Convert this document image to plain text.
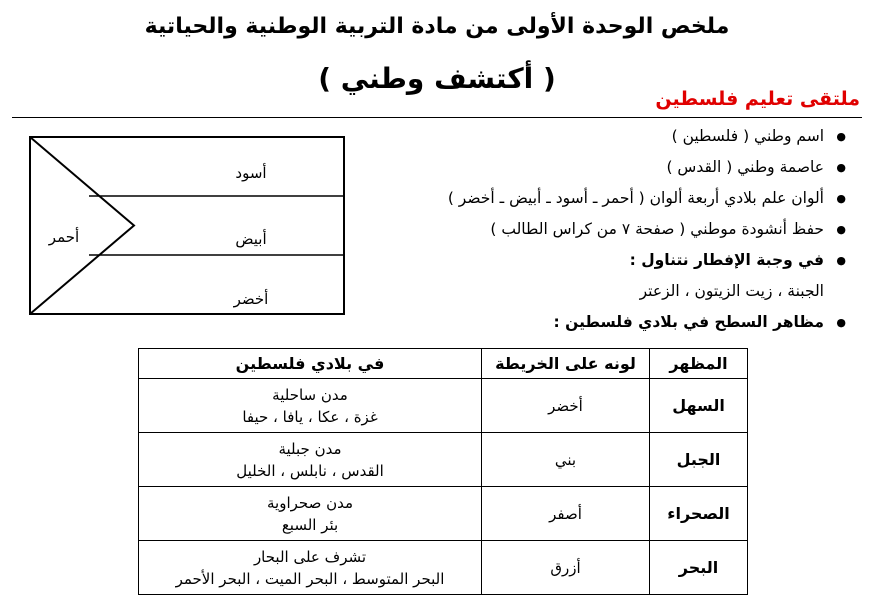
ملخص الوحدة الأولى من مادة التربية الوطنية والحياتية
( أكتشف وطني )
ملتقى تعليم فلسطين
● اسم وطني ( فلسطين )
● عاصمة وطني ( القدس )
● ألوان علم بلادي أربعة ألوان ( أحمر ـ أسود ـ أبيض ـ أخضر )
● حفظ أنشودة موطني ( صفحة ٧ من كراس الطالب )
● في وجبة الإفطار نتناول :
الجبنة ، زيت الزيتون ، الزعتر
● مظاهر السطح في بلادي فلسطين :
أسود
أبيض
أخضر
أحمر
المظهر	لونه على الخريطة	في بلادي فلسطين
السهل	أخضر	مدن ساحلية
غزة ، عكا ، يافا ، حيفا

الجبل	بني	مدن جبلية
القدس ، نابلس ، الخليل

الصحراء	أصفر	مدن صحراوية
بئر السبع

البحر	أزرق	تشرف على البحار
البحر المتوسط ، البحر الميت ، البحر الأحمر
